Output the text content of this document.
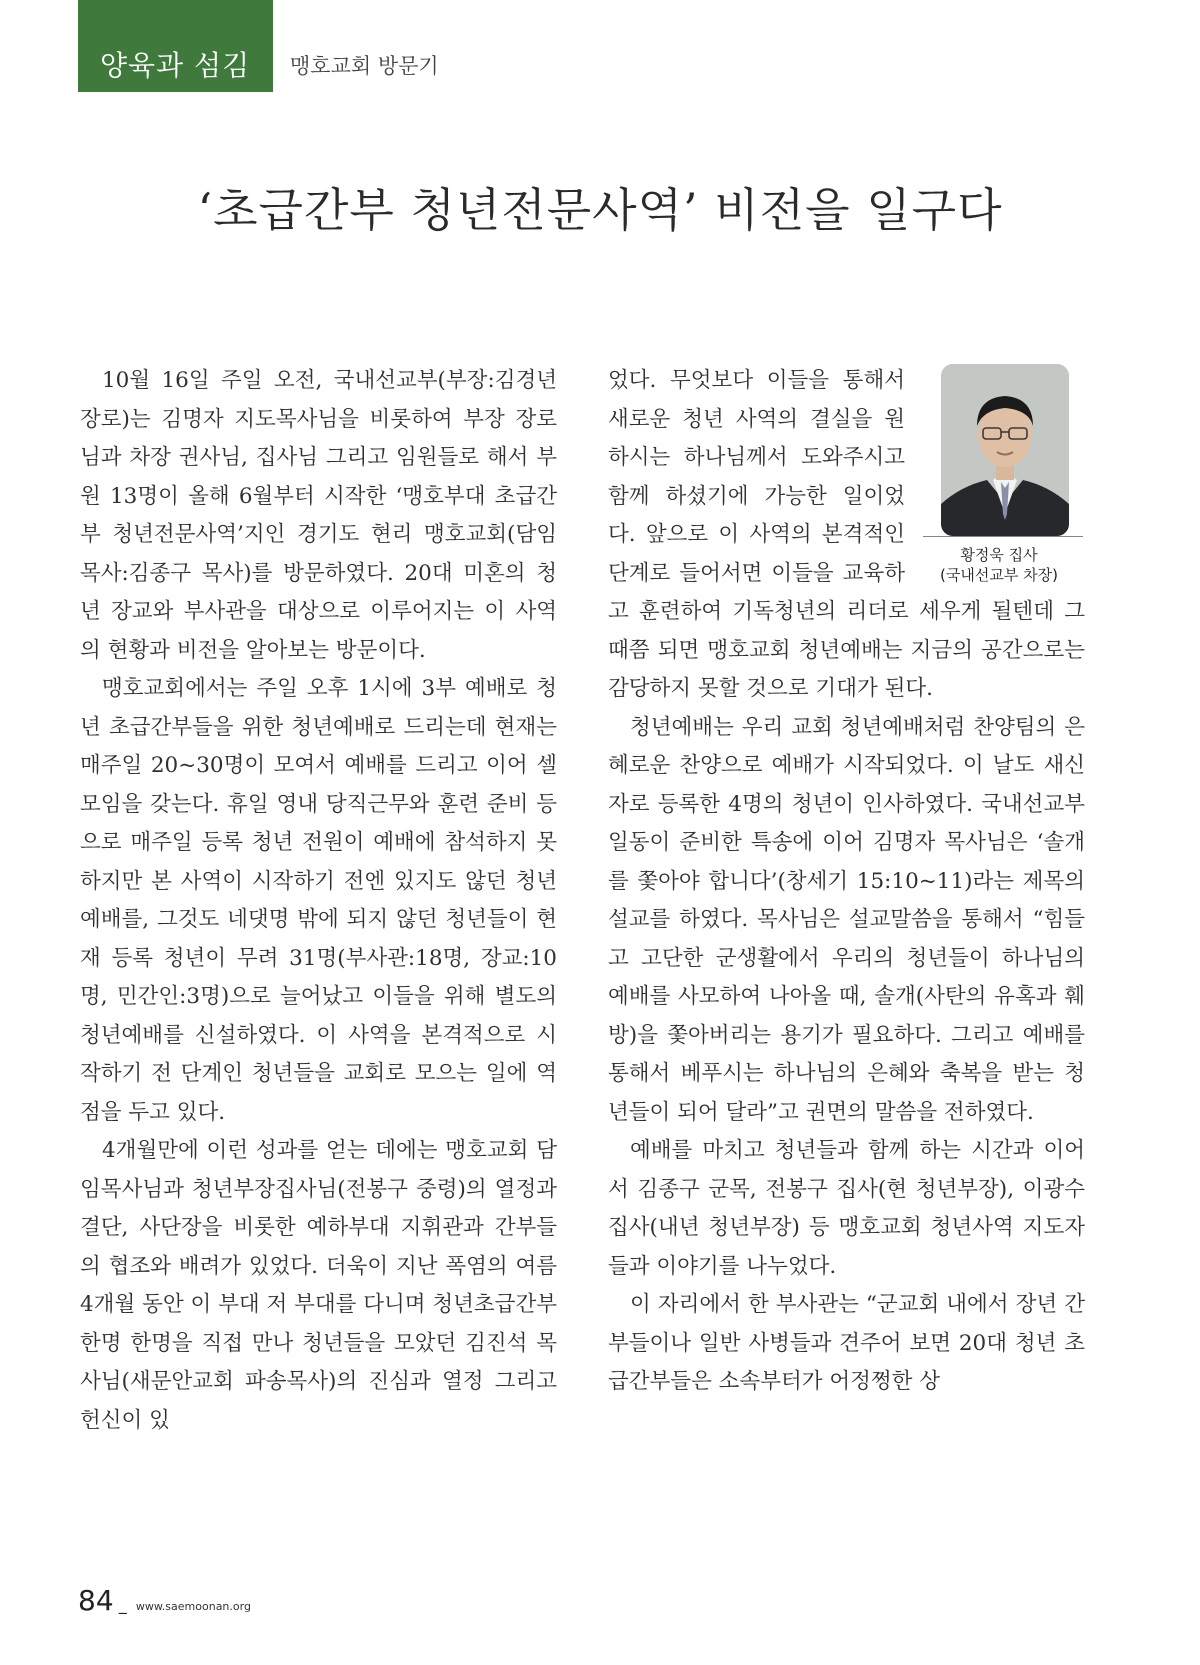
양육과 섬김	맹호교회 방문기
‘초급간부 청년전문사역’ 비전을 일구다

10월 16일 주일 오전, 국내선교부(부장:김경년 장로)는 김명자 지도목사님을 비롯하여 부장 장로님과 차장 권사님, 집사님 그리고 임원들로 해서 부원 13명이 올해 6월부터 시작한 ‘맹호부대 초급간부 청년전문사역’지인 경기도 현리 맹호교회(담임목사:김종구 목사)를 방문하였다. 20대 미혼의 청년 장교와 부사관을 대상으로 이루어지는 이 사역의 현황과 비전을 알아보는 방문이다.

맹호교회에서는 주일 오후 1시에 3부 예배로 청년 초급간부들을 위한 청년예배로 드리는데 현재는 매주일 20~30명이 모여서 예배를 드리고 이어 셀모임을 갖는다. 휴일 영내 당직근무와 훈련 준비 등으로 매주일 등록 청년 전원이 예배에 참석하지 못하지만 본 사역이 시작하기 전엔 있지도 않던 청년예배를, 그것도 네댓명 밖에 되지 않던 청년들이 현재 등록 청년이 무려 31명(부사관:18명, 장교:10명, 민간인:3명)으로 늘어났고 이들을 위해 별도의 청년예배를 신설하였다. 이 사역을 본격적으로 시작하기 전 단계인 청년들을 교회로 모으는 일에 역점을 두고 있다.

4개월만에 이런 성과를 얻는 데에는 맹호교회 담임목사님과 청년부장집사님(전봉구 중령)의 열정과 결단, 사단장을 비롯한 예하부대 지휘관과 간부들의 협조와 배려가 있었다. 더욱이 지난 폭염의 여름 4개월 동안 이 부대 저 부대를 다니며 청년초급간부 한명 한명을 직접 만나 청년들을 모았던 김진석 목사님(새문안교회 파송목사)의 진심과 열정 그리고 헌신이 있

황정욱 집사
(국내선교부 차장)

었다. 무엇보다 이들을 통해서 새로운 청년 사역의 결실을 원하시는 하나님께서 도와주시고 함께 하셨기에 가능한 일이었다. 앞으로 이 사역의 본격적인 단계로 들어서면 이들을 교육하고 훈련하여 기독청년의 리더로 세우게 될텐데 그때쯤 되면 맹호교회 청년예배는 지금의 공간으로는 감당하지 못할 것으로 기대가 된다.

청년예배는 우리 교회 청년예배처럼 찬양팀의 은혜로운 찬양으로 예배가 시작되었다. 이 날도 새신자로 등록한 4명의 청년이 인사하였다. 국내선교부 일동이 준비한 특송에 이어 김명자 목사님은 ‘솔개를 쫓아야 합니다’(창세기 15:10~11)라는 제목의 설교를 하였다. 목사님은 설교말씀을 통해서 “힘들고 고단한 군생활에서 우리의 청년들이 하나님의 예배를 사모하여 나아올 때, 솔개(사탄의 유혹과 훼방)을 쫓아버리는 용기가 필요하다. 그리고 예배를 통해서 베푸시는 하나님의 은혜와 축복을 받는 청년들이 되어 달라”고 권면의 말씀을 전하였다.

예배를 마치고 청년들과 함께 하는 시간과 이어서 김종구 군목, 전봉구 집사(현 청년부장), 이광수 집사(내년 청년부장) 등 맹호교회 청년사역 지도자들과 이야기를 나누었다.

이 자리에서 한 부사관는 “군교회 내에서 장년 간부들이나 일반 사병들과 견주어 보면 20대 청년 초급간부들은 소속부터가 어정쩡한 상

84 _ www.saemoonan.org
